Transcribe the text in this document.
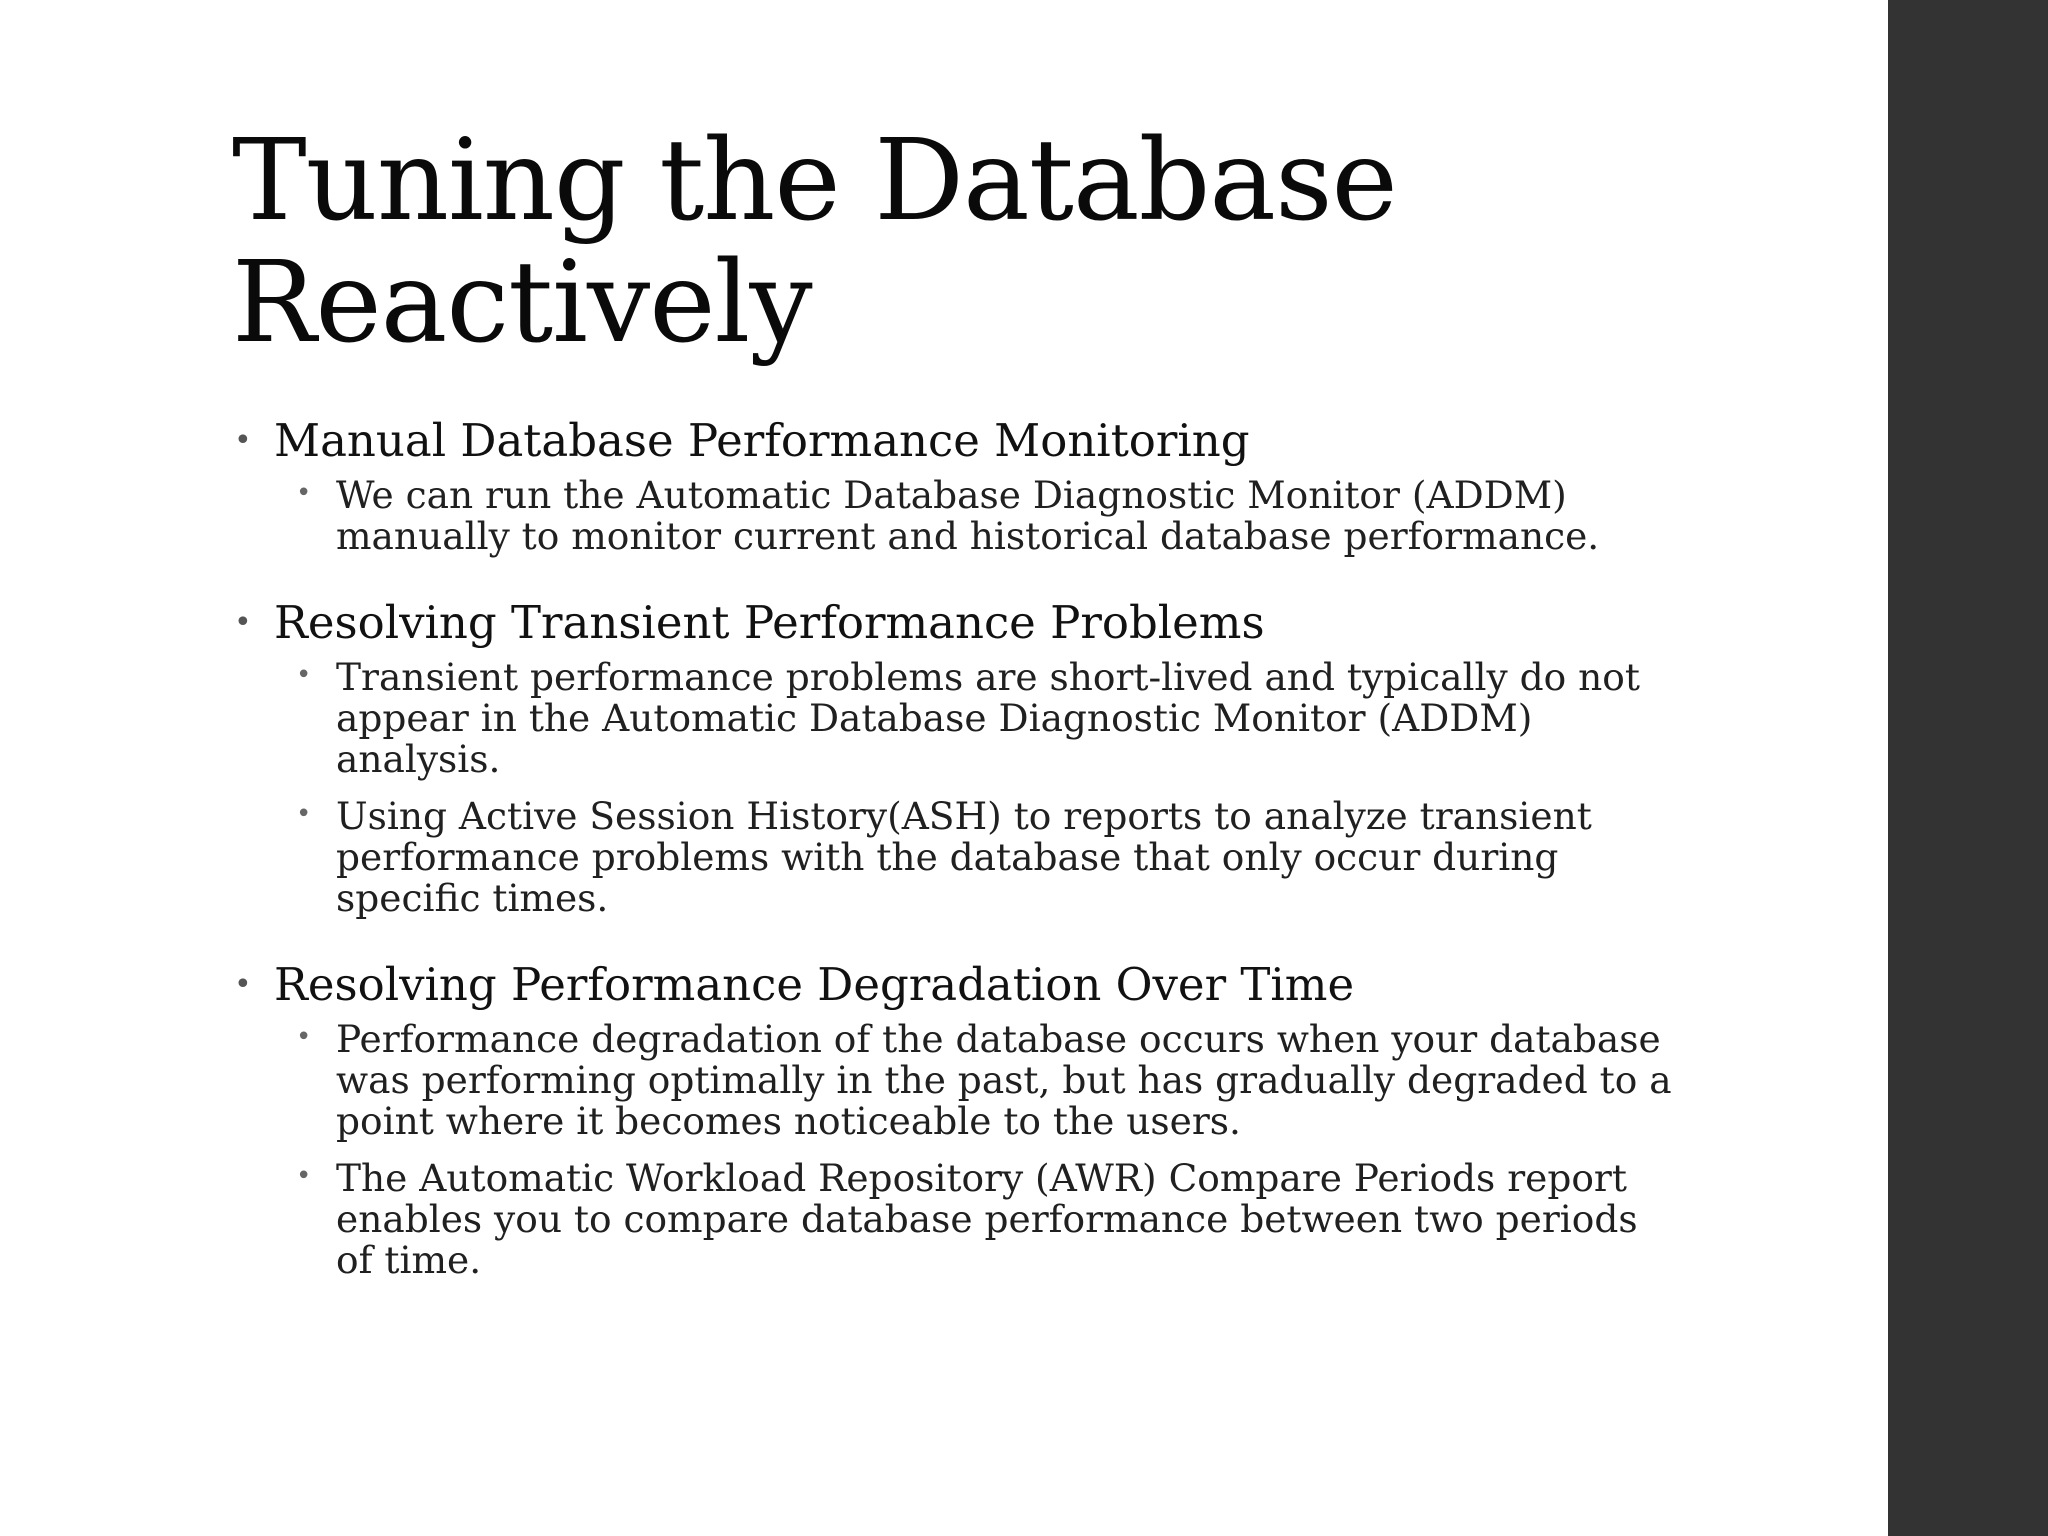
Tuning the Database
Reactively
• Manual Database Performance Monitoring
• We can run the Automatic Database Diagnostic Monitor (ADDM) manually to monitor current and historical database performance.
• Resolving Transient Performance Problems
• Transient performance problems are short-lived and typically do not appear in the Automatic Database Diagnostic Monitor (ADDM) analysis.
• Using Active Session History(ASH) to reports to analyze transient performance problems with the database that only occur during specific times.
• Resolving Performance Degradation Over Time
• Performance degradation of the database occurs when your database was performing optimally in the past, but has gradually degraded to a point where it becomes noticeable to the users.
• The Automatic Workload Repository (AWR) Compare Periods report enables you to compare database performance between two periods of time.
